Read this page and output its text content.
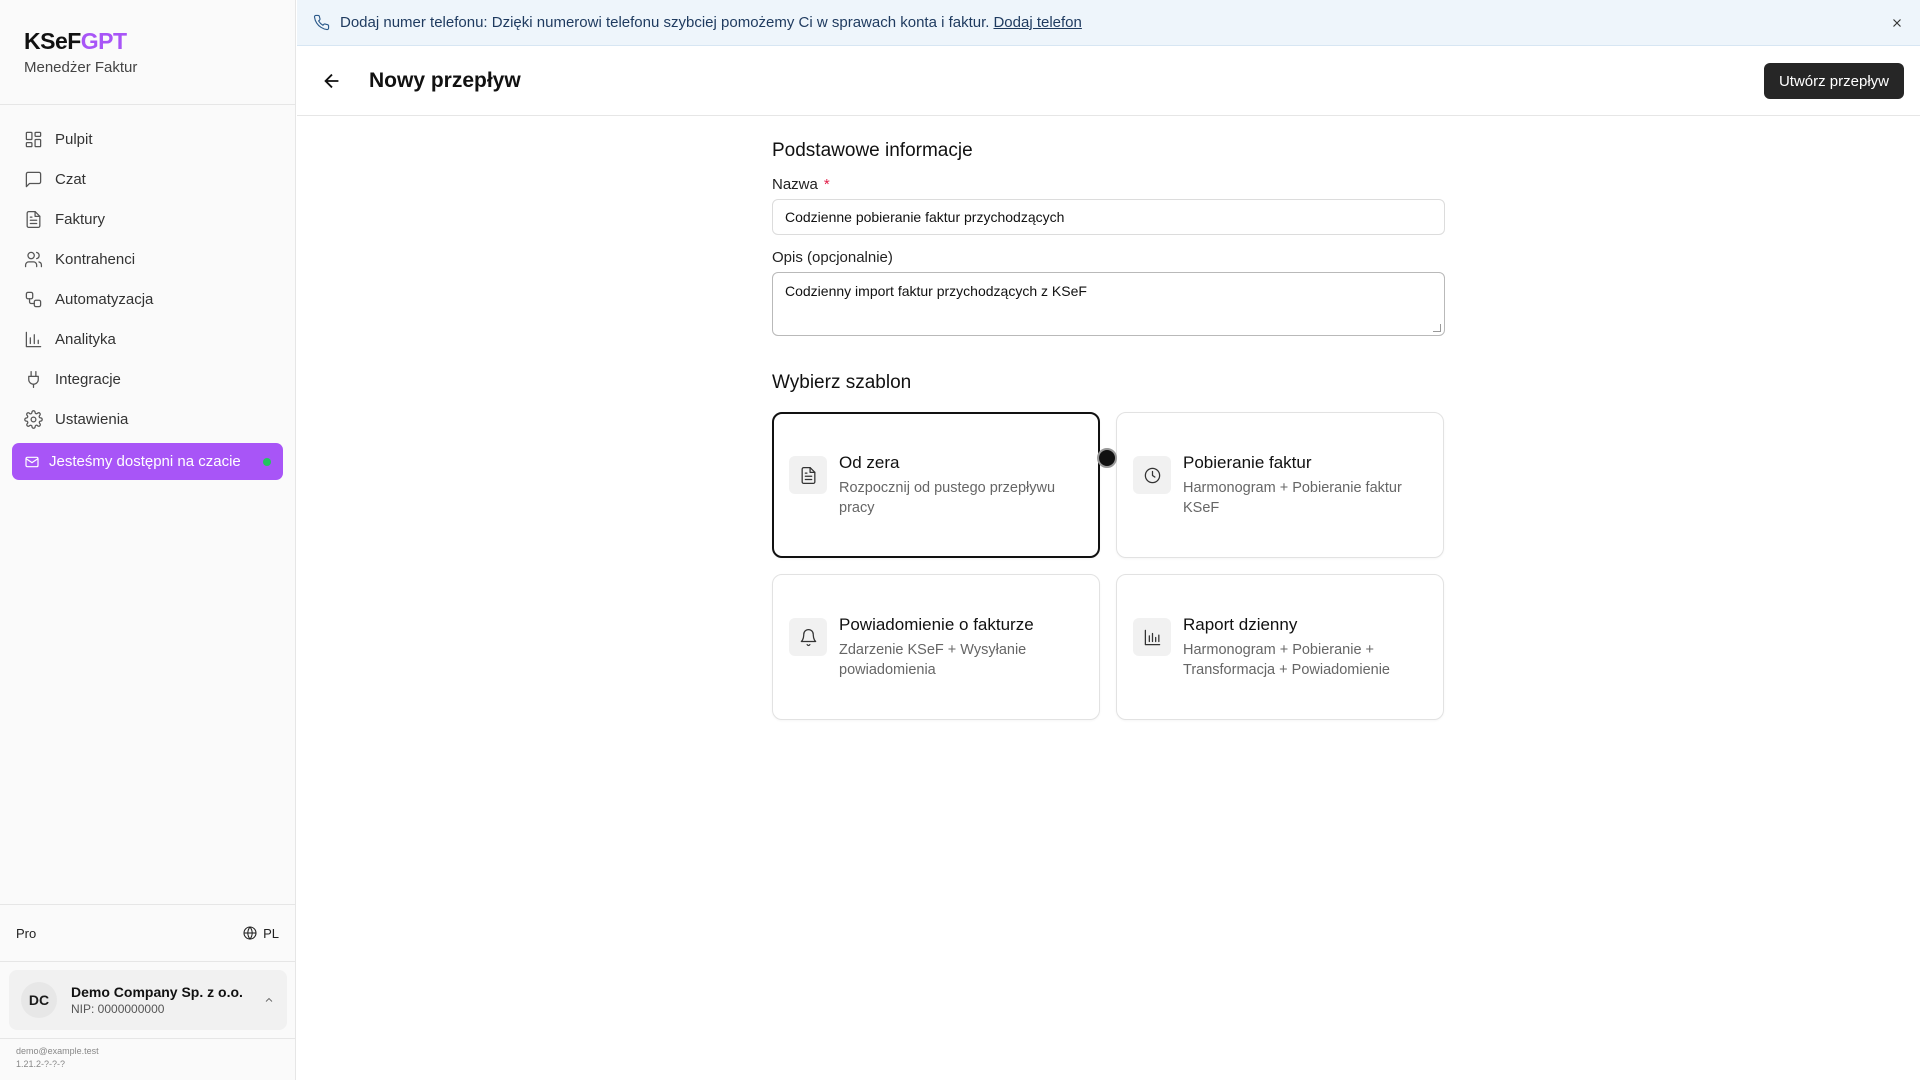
KSeFGPT
Menedżer Faktur
Pulpit
Czat
Faktury
Kontrahenci
Automatyzacja
Analityka
Integracje
Ustawienia
Jesteśmy dostępni na czacie
Pro	PL
DC	Demo Company Sp. z o.o.
NIP: 0000000000
demo@example.test
1.21.2-?-?-?
Dodaj numer telefonu: Dzięki numerowi telefonu szybciej pomożemy Ci w sprawach konta i faktur. Dodaj telefon
Nowy przepływ	Utwórz przepływ
Podstawowe informacje
Nazwa *
Codzienne pobieranie faktur przychodzących
Opis (opcjonalnie)
Codzienny import faktur przychodzących z KSeF
Wybierz szablon
Od zera
Rozpocznij od pustego przepływu pracy
Pobieranie faktur
Harmonogram + Pobieranie faktur KSeF
Powiadomienie o fakturze
Zdarzenie KSeF + Wysyłanie powiadomienia
Raport dzienny
Harmonogram + Pobieranie + Transformacja + Powiadomienie
